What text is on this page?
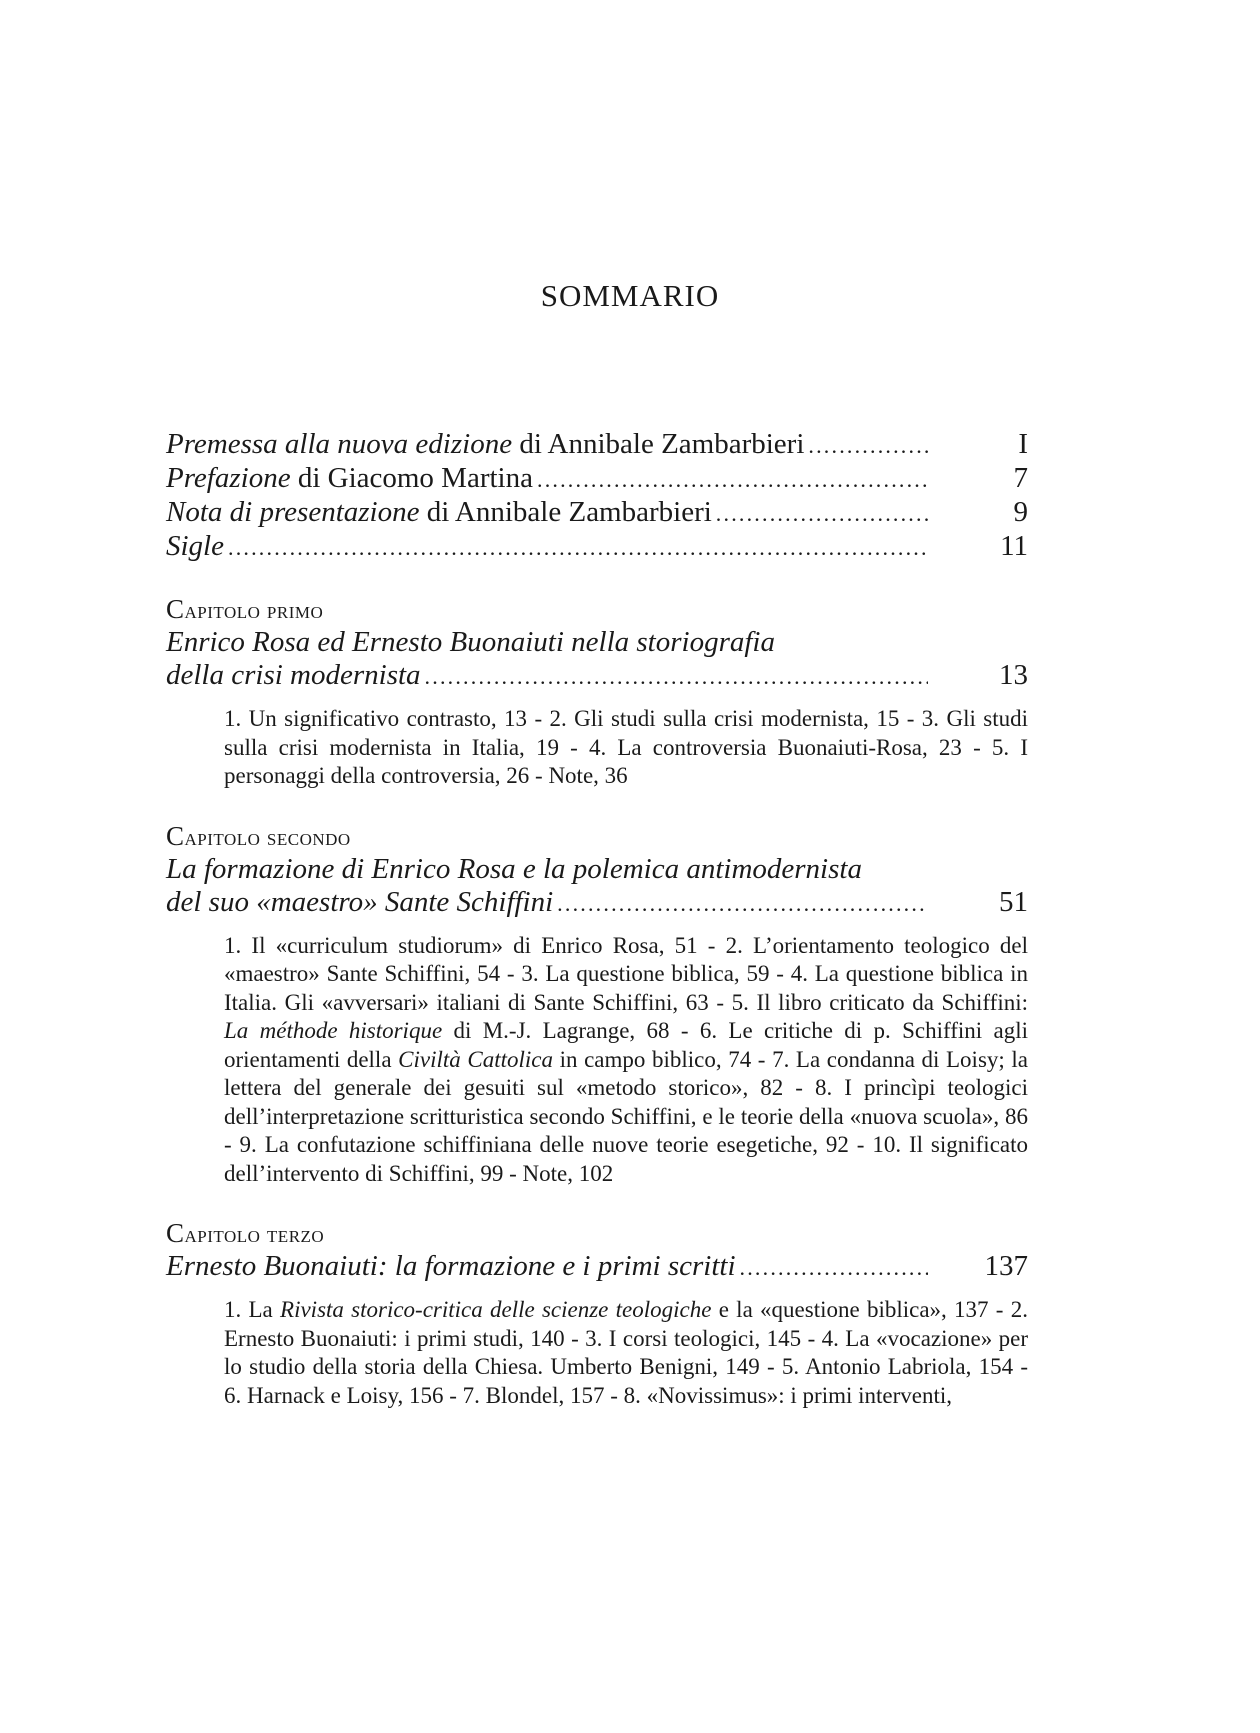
SOMMARIO
Premessa alla nuova edizione di Annibale Zambarbieri .....	I
Prefazione di Giacomo Martina .....	7
Nota di presentazione di Annibale Zambarbieri .....	9
Sigle .....	11
Capitolo primo
Enrico Rosa ed Ernesto Buonaiuti nella storiografia
della crisi modernista .....	13
1. Un significativo contrasto, 13 - 2. Gli studi sulla crisi modernista, 15 - 3. Gli studi sulla crisi modernista in Italia, 19 - 4. La controversia Buonaiuti-Rosa, 23 - 5. I personaggi della controversia, 26 - Note, 36
Capitolo secondo
La formazione di Enrico Rosa e la polemica antimodernista
del suo «maestro» Sante Schiffini .....	51
1. Il «curriculum studiorum» di Enrico Rosa, 51 - 2. L’orientamento teologico del «maestro» Sante Schiffini, 54 - 3. La questione biblica, 59 - 4. La questione biblica in Italia. Gli «avversari» italiani di Sante Schiffini, 63 - 5. Il libro criticato da Schiffini: La méthode historique di M.-J. Lagrange, 68 - 6. Le critiche di p. Schiffini agli orientamenti della Civiltà Cattolica in campo biblico, 74 - 7. La condanna di Loisy; la lettera del generale dei gesuiti sul «metodo storico», 82 - 8. I princìpi teologici dell’interpretazione scritturistica secondo Schiffini, e le teorie della «nuova scuola», 86 - 9. La confutazione schiffiniana delle nuove teorie esegetiche, 92 - 10. Il significato dell’intervento di Schiffini, 99 - Note, 102
Capitolo terzo
Ernesto Buonaiuti: la formazione e i primi scritti .....	137
1. La Rivista storico-critica delle scienze teologiche e la «questione biblica», 137 - 2. Ernesto Buonaiuti: i primi studi, 140 - 3. I corsi teologici, 145 - 4. La «vocazione» per lo studio della storia della Chiesa. Umberto Benigni, 149 - 5. Antonio Labriola, 154 - 6. Harnack e Loisy, 156 - 7. Blondel, 157 - 8. «Novissimus»: i primi interventi,
